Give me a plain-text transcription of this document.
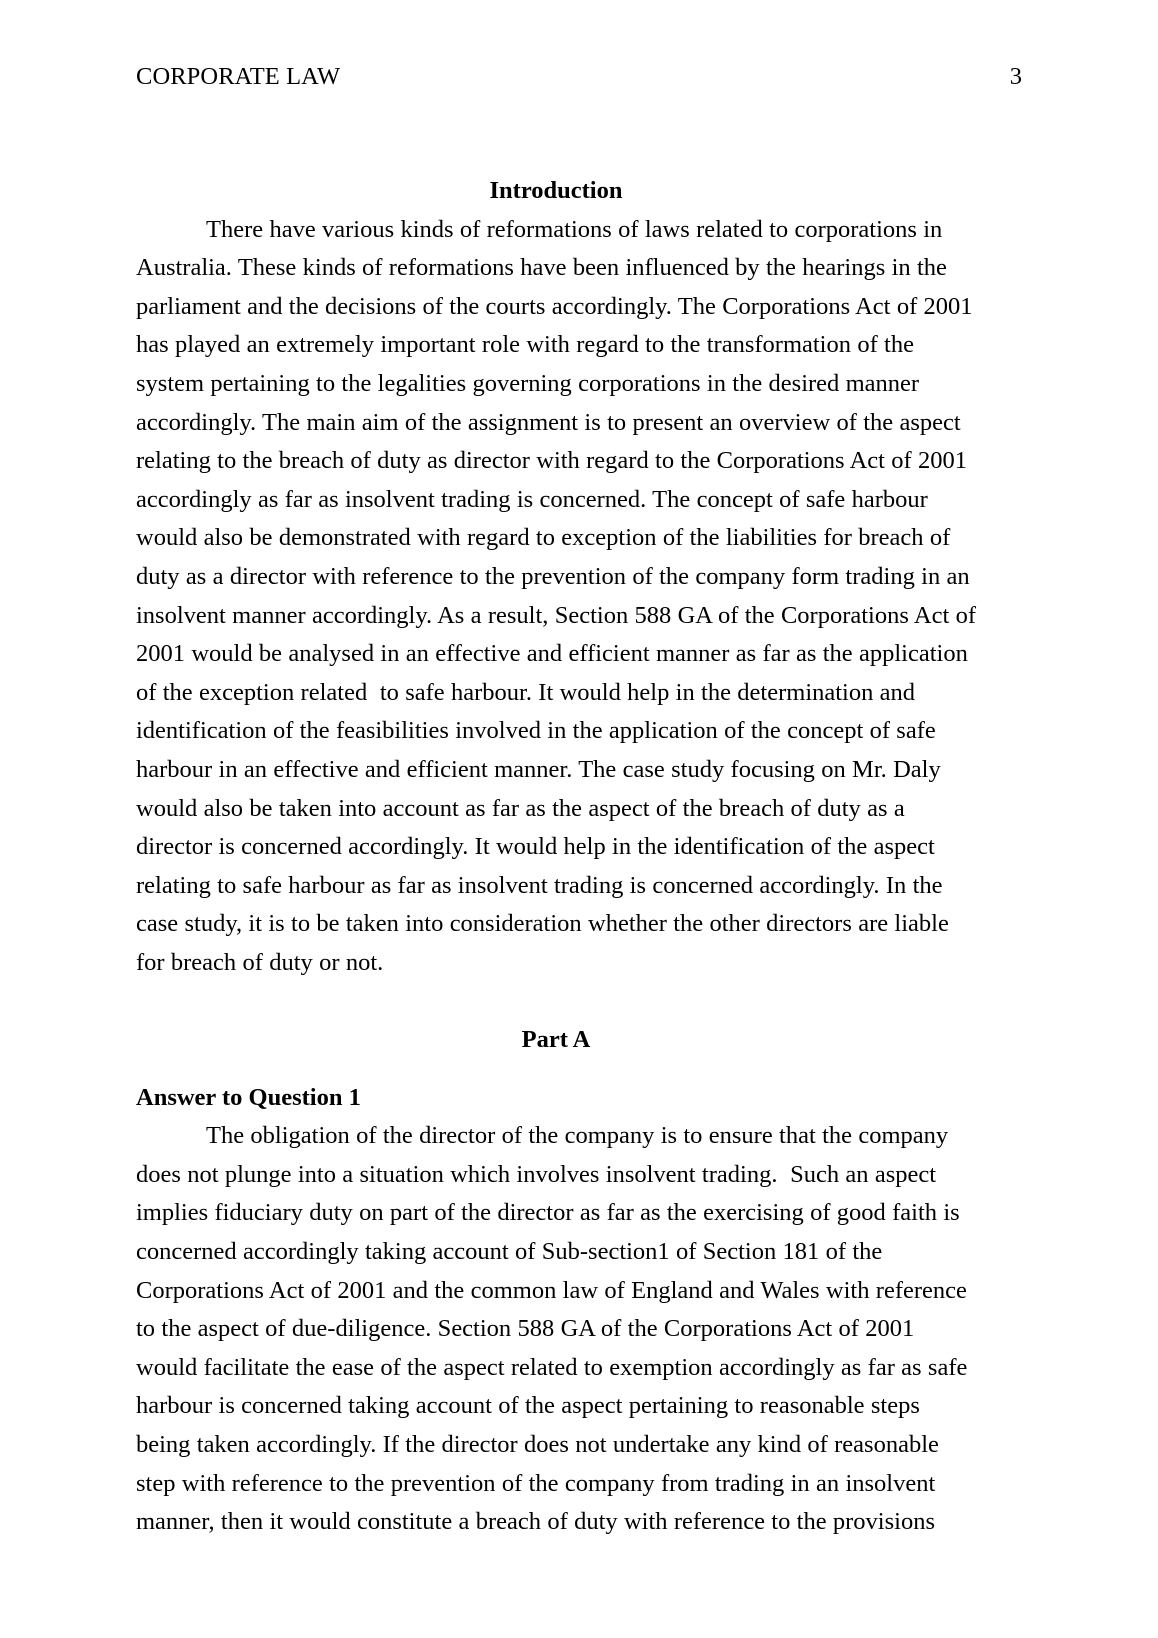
CORPORATE LAW	3
Introduction

There have various kinds of reformations of laws related to corporations in Australia. These kinds of reformations have been influenced by the hearings in the parliament and the decisions of the courts accordingly. The Corporations Act of 2001 has played an extremely important role with regard to the transformation of the system pertaining to the legalities governing corporations in the desired manner accordingly. The main aim of the assignment is to present an overview of the aspect relating to the breach of duty as director with regard to the Corporations Act of 2001 accordingly as far as insolvent trading is concerned. The concept of safe harbour would also be demonstrated with regard to exception of the liabilities for breach of duty as a director with reference to the prevention of the company form trading in an insolvent manner accordingly. As a result, Section 588 GA of the Corporations Act of 2001 would be analysed in an effective and efficient manner as far as the application of the exception related  to safe harbour. It would help in the determination and identification of the feasibilities involved in the application of the concept of safe harbour in an effective and efficient manner. The case study focusing on Mr. Daly would also be taken into account as far as the aspect of the breach of duty as a director is concerned accordingly. It would help in the identification of the aspect relating to safe harbour as far as insolvent trading is concerned accordingly. In the case study, it is to be taken into consideration whether the other directors are liable for breach of duty or not.

Part A
Answer to Question 1

The obligation of the director of the company is to ensure that the company does not plunge into a situation which involves insolvent trading.  Such an aspect implies fiduciary duty on part of the director as far as the exercising of good faith is concerned accordingly taking account of Sub-section1 of Section 181 of the Corporations Act of 2001 and the common law of England and Wales with reference to the aspect of due-diligence. Section 588 GA of the Corporations Act of 2001 would facilitate the ease of the aspect related to exemption accordingly as far as safe harbour is concerned taking account of the aspect pertaining to reasonable steps being taken accordingly. If the director does not undertake any kind of reasonable step with reference to the prevention of the company from trading in an insolvent manner, then it would constitute a breach of duty with reference to the provisions
